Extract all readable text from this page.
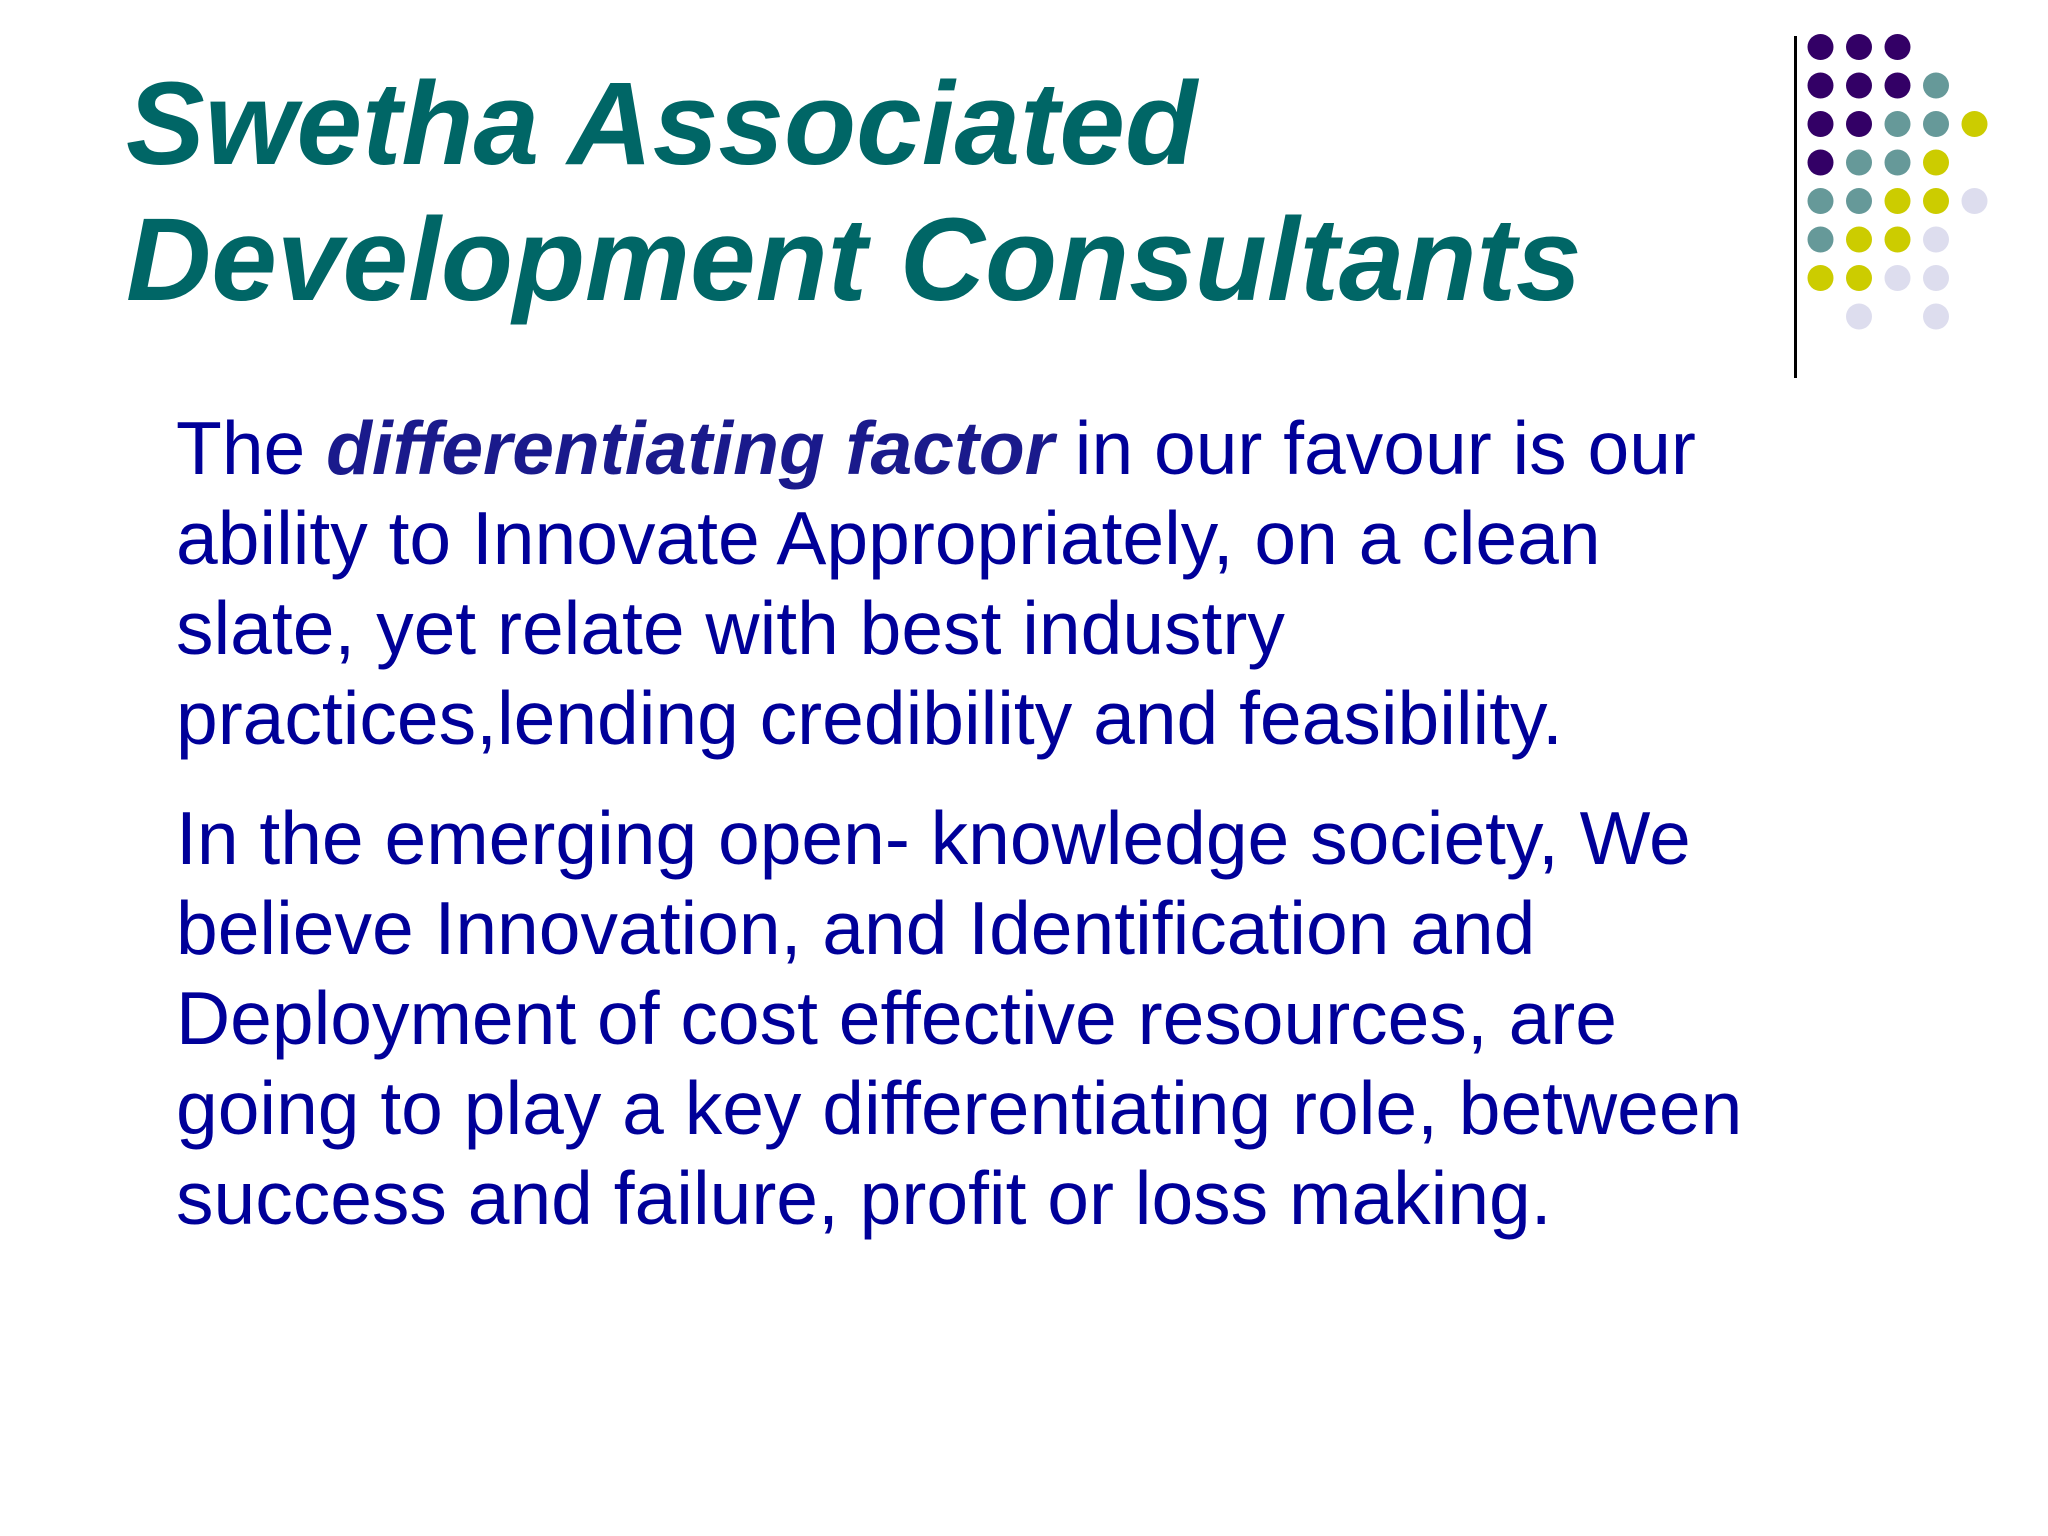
Swetha Associated
Development Consultants

The differentiating factor in our favour is our
ability to Innovate Appropriately, on a clean
slate, yet relate with best industry
practices,lending credibility and feasibility.

In the emerging open- knowledge society, We
believe Innovation, and Identification and
Deployment of cost effective resources, are
going to play a key differentiating role, between
success and failure, profit or loss making.
